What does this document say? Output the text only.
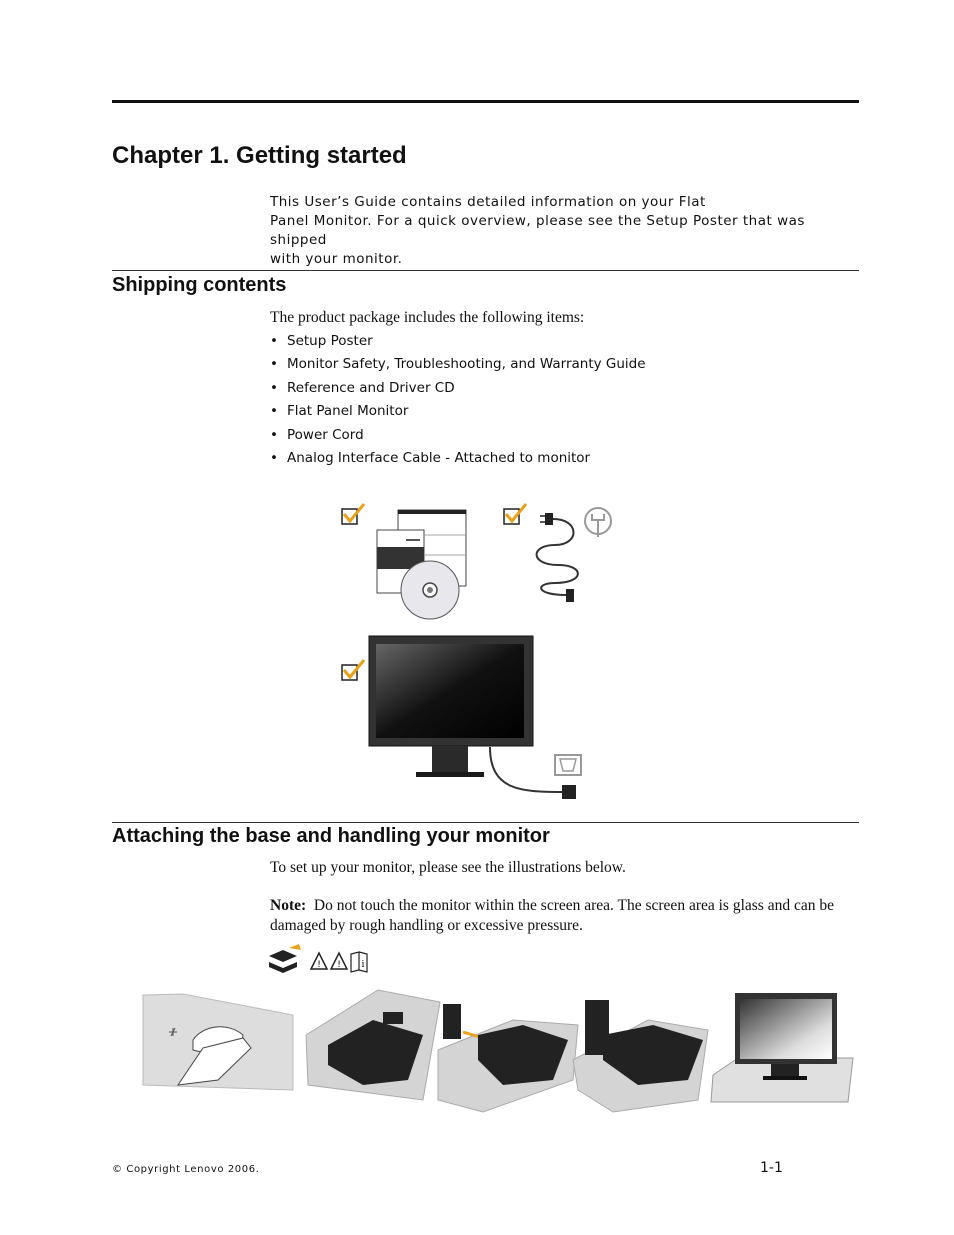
Chapter 1. Getting started

This User’s Guide contains detailed information on your Flat
Panel Monitor. For a quick overview, please see the Setup Poster that was shipped
with your monitor.

Shipping contents

The product package includes the following items:

• Setup Poster
• Monitor Safety, Troubleshooting, and Warranty Guide
• Reference and Driver CD
• Flat Panel Monitor
• Power Cord
• Analog Interface Cable - Attached to monitor
Attaching the base and handling your monitor

To set up your monitor, please see the illustrations below.

Note: Do not touch the monitor within the screen area. The screen area is glass and can be damaged by rough handling or excessive pressure.

! ! i
© Copyright Lenovo 2006.	1-1
